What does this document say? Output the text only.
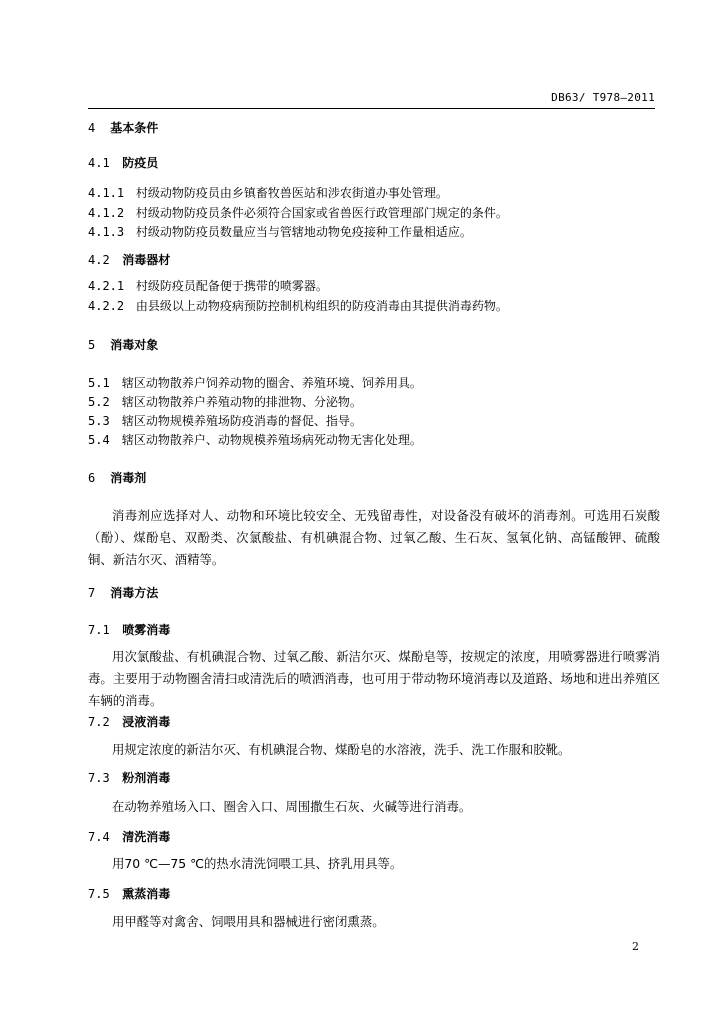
DB63/ T978—2011
4 基本条件
4.1 防疫员
4.1.1 村级动物防疫员由乡镇畜牧兽医站和涉农街道办事处管理。
4.1.2 村级动物防疫员条件必须符合国家或省兽医行政管理部门规定的条件。
4.1.3 村级动物防疫员数量应当与管辖地动物免疫接种工作量相适应。
4.2 消毒器材
4.2.1 村级防疫员配备便于携带的喷雾器。
4.2.2 由县级以上动物疫病预防控制机构组织的防疫消毒由其提供消毒药物。
5 消毒对象
5.1 辖区动物散养户饲养动物的圈舍、养殖环境、饲养用具。
5.2 辖区动物散养户养殖动物的排泄物、分泌物。
5.3 辖区动物规模养殖场防疫消毒的督促、指导。
5.4 辖区动物散养户、动物规模养殖场病死动物无害化处理。
6 消毒剂
消毒剂应选择对人、动物和环境比较安全、无残留毒性，对设备没有破坏的消毒剂。可选用石炭酸（酚）、煤酚皂、双酚类、次氯酸盐、有机碘混合物、过氧乙酸、生石灰、氢氧化钠、高锰酸钾、硫酸铜、新洁尔灭、酒精等。
7 消毒方法
7.1 喷雾消毒
用次氯酸盐、有机碘混合物、过氧乙酸、新洁尔灭、煤酚皂等，按规定的浓度，用喷雾器进行喷雾消毒。主要用于动物圈舍清扫或清洗后的喷洒消毒，也可用于带动物环境消毒以及道路、场地和进出养殖区车辆的消毒。
7.2 浸液消毒
用规定浓度的新洁尔灭、有机碘混合物、煤酚皂的水溶液，洗手、洗工作服和胶靴。
7.3 粉剂消毒
在动物养殖场入口、圈舍入口、周围撒生石灰、火碱等进行消毒。
7.4 清洗消毒
用70 ℃—75 ℃的热水清洗饲喂工具、挤乳用具等。
7.5 熏蒸消毒
用甲醛等对禽舍、饲喂用具和器械进行密闭熏蒸。
2
